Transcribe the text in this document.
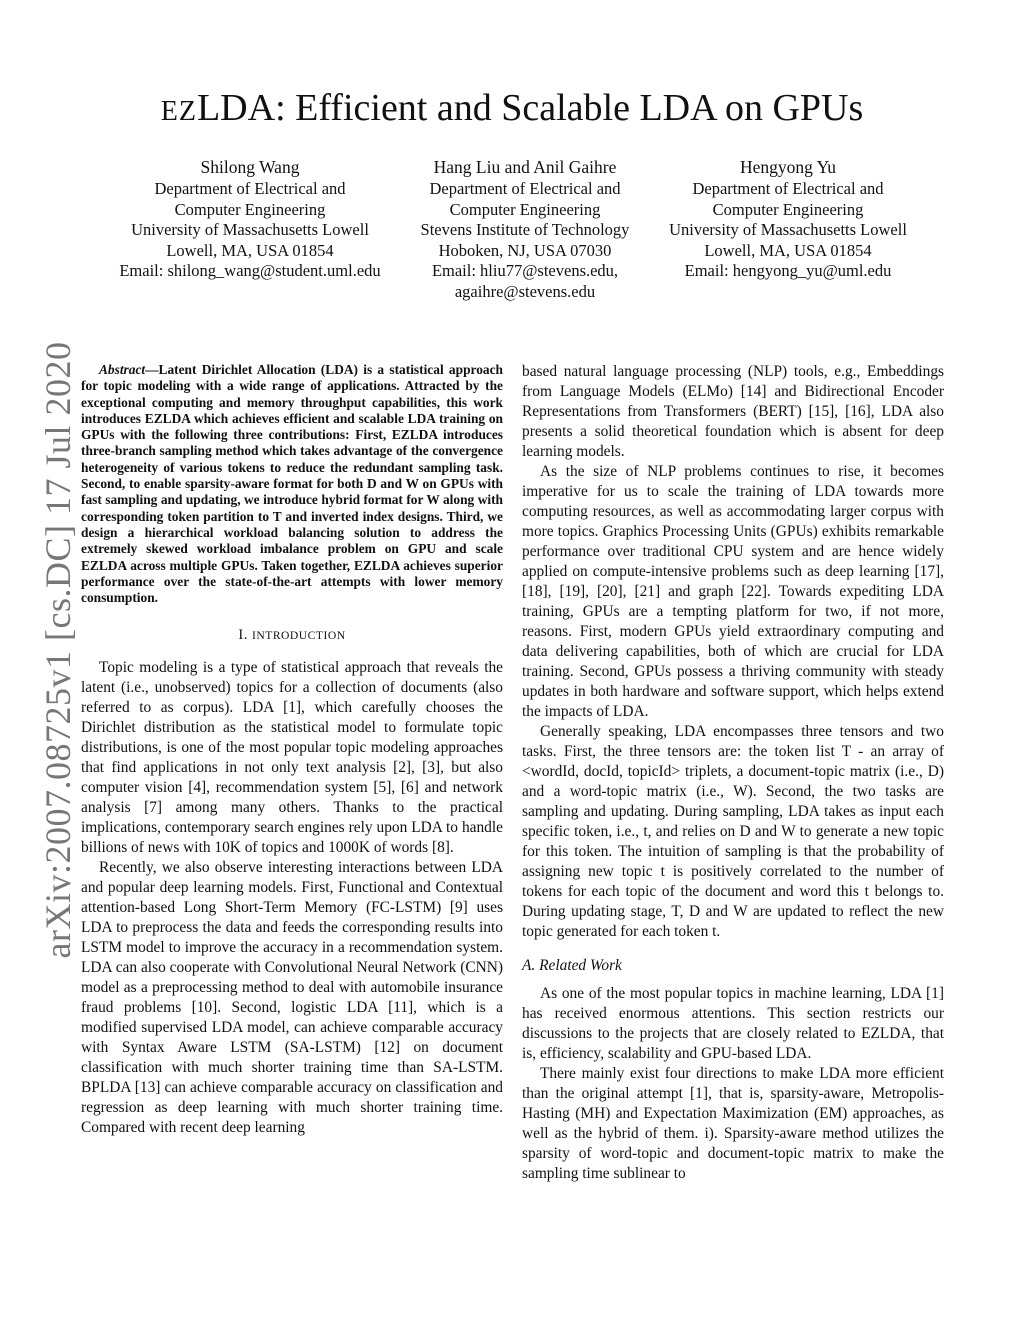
EZLDA: Efficient and Scalable LDA on GPUs
Shilong Wang
Department of Electrical and
Computer Engineering
University of Massachusetts Lowell
Lowell, MA, USA 01854
Email: shilong_wang@student.uml.edu
Hang Liu and Anil Gaihre
Department of Electrical and
Computer Engineering
Stevens Institute of Technology
Hoboken, NJ, USA 07030
Email: hliu77@stevens.edu,
agaihre@stevens.edu
Hengyong Yu
Department of Electrical and
Computer Engineering
University of Massachusetts Lowell
Lowell, MA, USA 01854
Email: hengyong_yu@uml.edu
arXiv:2007.08725v1 [cs.DC] 17 Jul 2020	Abstract—Latent Dirichlet Allocation (LDA) is a statistical approach for topic modeling with a wide range of applications. Attracted by the exceptional computing and memory throughput capabilities, this work introduces EZLDA which achieves efficient and scalable LDA training on GPUs with the following three contributions: First, EZLDA introduces three-branch sampling method which takes advantage of the convergence heterogeneity of various tokens to reduce the redundant sampling task. Second, to enable sparsity-aware format for both D and W on GPUs with fast sampling and updating, we introduce hybrid format for W along with corresponding token partition to T and inverted index designs. Third, we design a hierarchical workload balancing solution to address the extremely skewed workload imbalance problem on GPU and scale EZLDA across multiple GPUs. Taken together, EZLDA achieves superior performance over the state-of-the-art attempts with lower memory consumption.

I. INTRODUCTION

Topic modeling is a type of statistical approach that reveals the latent (i.e., unobserved) topics for a collection of documents (also referred to as corpus). LDA [1], which carefully chooses the Dirichlet distribution as the statistical model to formulate topic distributions, is one of the most popular topic modeling approaches that find applications in not only text analysis [2], [3], but also computer vision [4], recommendation system [5], [6] and network analysis [7] among many others. Thanks to the practical implications, contemporary search engines rely upon LDA to handle billions of news with 10K of topics and 1000K of words [8].

Recently, we also observe interesting interactions between LDA and popular deep learning models. First, Functional and Contextual attention-based Long Short-Term Memory (FC-LSTM) [9] uses LDA to preprocess the data and feeds the corresponding results into LSTM model to improve the accuracy in a recommendation system. LDA can also cooperate with Convolutional Neural Network (CNN) model as a preprocessing method to deal with automobile insurance fraud problems [10]. Second, logistic LDA [11], which is a modified supervised LDA model, can achieve comparable accuracy with Syntax Aware LSTM (SA-LSTM) [12] on document classification with much shorter training time than SA-LSTM. BPLDA [13] can achieve comparable accuracy on classification and regression as deep learning with much shorter training time. Compared with recent deep learning

based natural language processing (NLP) tools, e.g., Embeddings from Language Models (ELMo) [14] and Bidirectional Encoder Representations from Transformers (BERT) [15], [16], LDA also presents a solid theoretical foundation which is absent for deep learning models.

As the size of NLP problems continues to rise, it becomes imperative for us to scale the training of LDA towards more computing resources, as well as accommodating larger corpus with more topics. Graphics Processing Units (GPUs) exhibits remarkable performance over traditional CPU system and are hence widely applied on compute-intensive problems such as deep learning [17], [18], [19], [20], [21] and graph [22]. Towards expediting LDA training, GPUs are a tempting platform for two, if not more, reasons. First, modern GPUs yield extraordinary computing and data delivering capabilities, both of which are crucial for LDA training. Second, GPUs possess a thriving community with steady updates in both hardware and software support, which helps extend the impacts of LDA.

Generally speaking, LDA encompasses three tensors and two tasks. First, the three tensors are: the token list T - an array of <wordId, docId, topicId> triplets, a document-topic matrix (i.e., D) and a word-topic matrix (i.e., W). Second, the two tasks are sampling and updating. During sampling, LDA takes as input each specific token, i.e., t, and relies on D and W to generate a new topic for this token. The intuition of sampling is that the probability of assigning new topic t is positively correlated to the number of tokens for each topic of the document and word this t belongs to. During updating stage, T, D and W are updated to reflect the new topic generated for each token t.

A. Related Work

As one of the most popular topics in machine learning, LDA [1] has received enormous attentions. This section restricts our discussions to the projects that are closely related to EZLDA, that is, efficiency, scalability and GPU-based LDA.

There mainly exist four directions to make LDA more efficient than the original attempt [1], that is, sparsity-aware, Metropolis-Hasting (MH) and Expectation Maximization (EM) approaches, as well as the hybrid of them. i). Sparsity-aware method utilizes the sparsity of word-topic and document-topic matrix to make the sampling time sublinear to
